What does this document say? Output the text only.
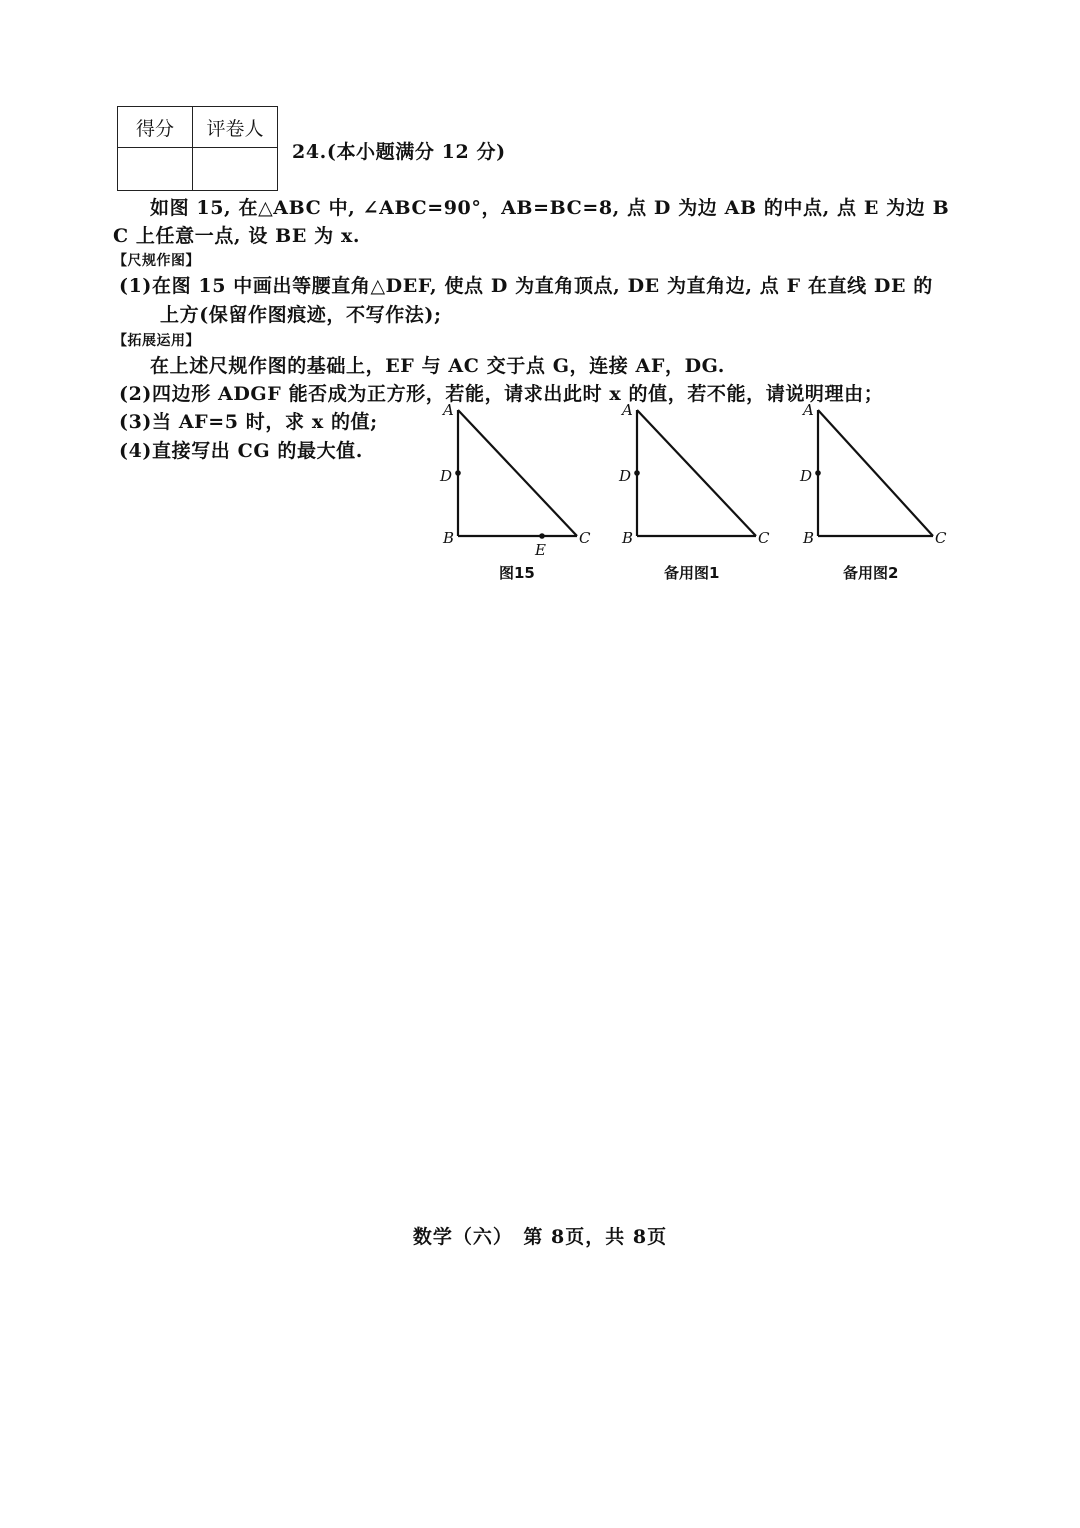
得分	评卷人

24.(本小题满分 12 分)
如图 15, 在△ABC 中, ∠ABC=90°，AB=BC=8, 点 D 为边 AB 的中点, 点 E 为边 B
C 上任意一点, 设 BE 为 x.
【尺规作图】
(1)在图 15 中画出等腰直角△DEF, 使点 D 为直角顶点, DE 为直角边, 点 F 在直线 DE 的
上方(保留作图痕迹，不写作法);
【拓展运用】
在上述尺规作图的基础上，EF 与 AC 交于点 G，连接 AF，DG.
(2)四边形 ADGF 能否成为正方形，若能，请求出此时 x 的值，若不能，请说明理由；
(3)当 AF=5 时，求 x 的值;
(4)直接写出 CG 的最大值.
A
D
B	C
E
图15
A
D
B	C
备用图1
A
D
B	C
备用图2
数学（六）　第 8页，共 8页
